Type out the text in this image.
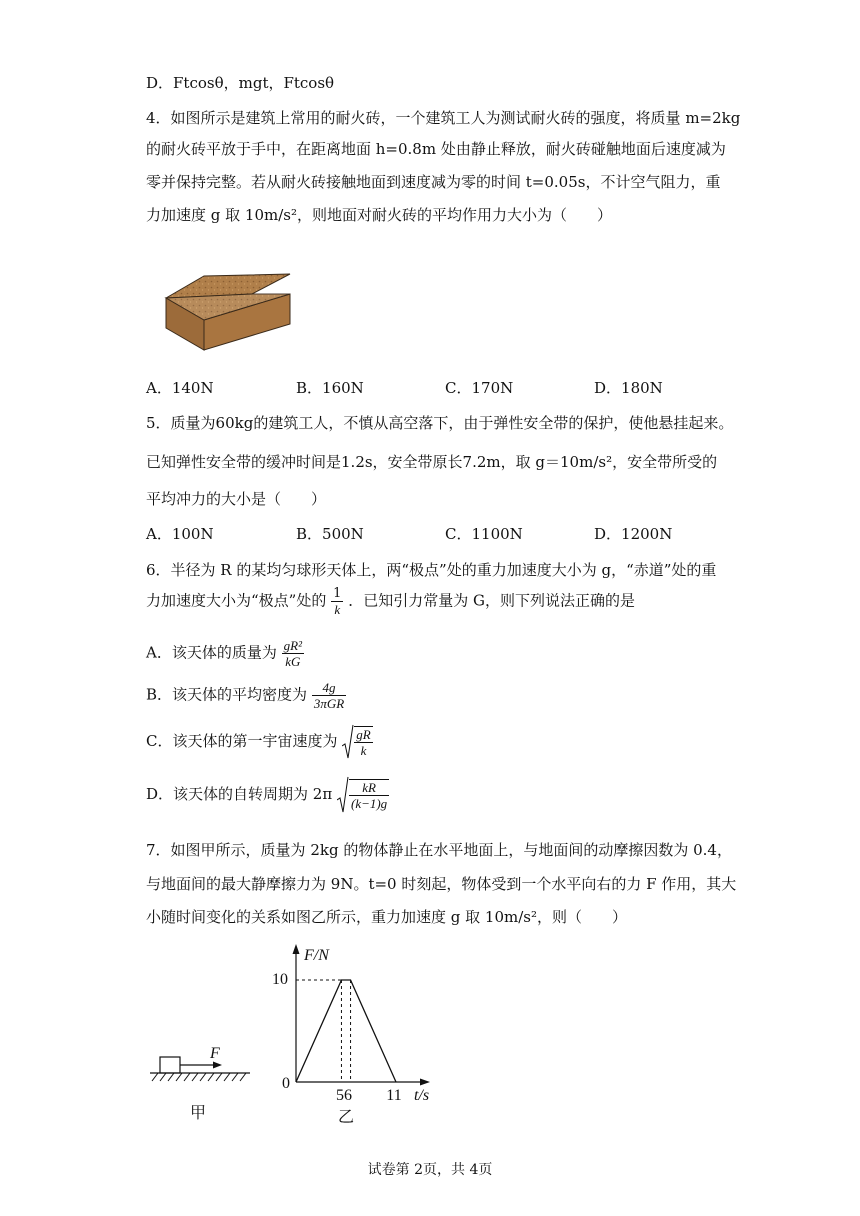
D．Ftcosθ，mgt，Ftcosθ
4．如图所示是建筑上常用的耐火砖，一个建筑工人为测试耐火砖的强度，将质量 m=2kg
的耐火砖平放于手中，在距离地面 h=0.8m 处由静止释放，耐火砖碰触地面后速度减为
零并保持完整。若从耐火砖接触地面到速度减为零的时间 t=0.05s，不计空气阻力，重
力加速度 g 取 10m/s²，则地面对耐火砖的平均作用力大小为（　　）
A．140N	B．160N	C．170N	D．180N
5．质量为60kg的建筑工人，不慎从高空落下，由于弹性安全带的保护，使他悬挂起来。
已知弹性安全带的缓冲时间是1.2s，安全带原长7.2m，取 g＝10m/s²，安全带所受的
平均冲力的大小是（　　）
A．100N	B．500N	C．1100N	D．1200N
6．半径为 R 的某均匀球形天体上，两“极点”处的重力加速度大小为 g，“赤道”处的重
力加速度大小为“极点”处的 $\frac{1}{k}$ ．已知引力常量为 G，则下列说法正确的是
A．该天体的质量为 $\frac{\text{gR²}}{kG}$
B．该天体的平均密度为 $\frac{4g}{\text{3πGR}}$
C．该天体的第一宇宙速度为 $\frac{gR}{k}$
D．该天体的自转周期为 $2\pi \frac{kR}{(k-1)g}$
7．如图甲所示，质量为 2kg 的物体静止在水平地面上，与地面间的动摩擦因数为 0.4，
与地面间的最大静摩擦力为 9N。t=0 时刻起，物体受到一个水平向右的力 F 作用，其大
小随时间变化的关系如图乙所示，重力加速度 g 取 10m/s²，则（　　）
F
甲
F/N
t/s
0
10
56 11
乙
试卷第 2页，共 4页
